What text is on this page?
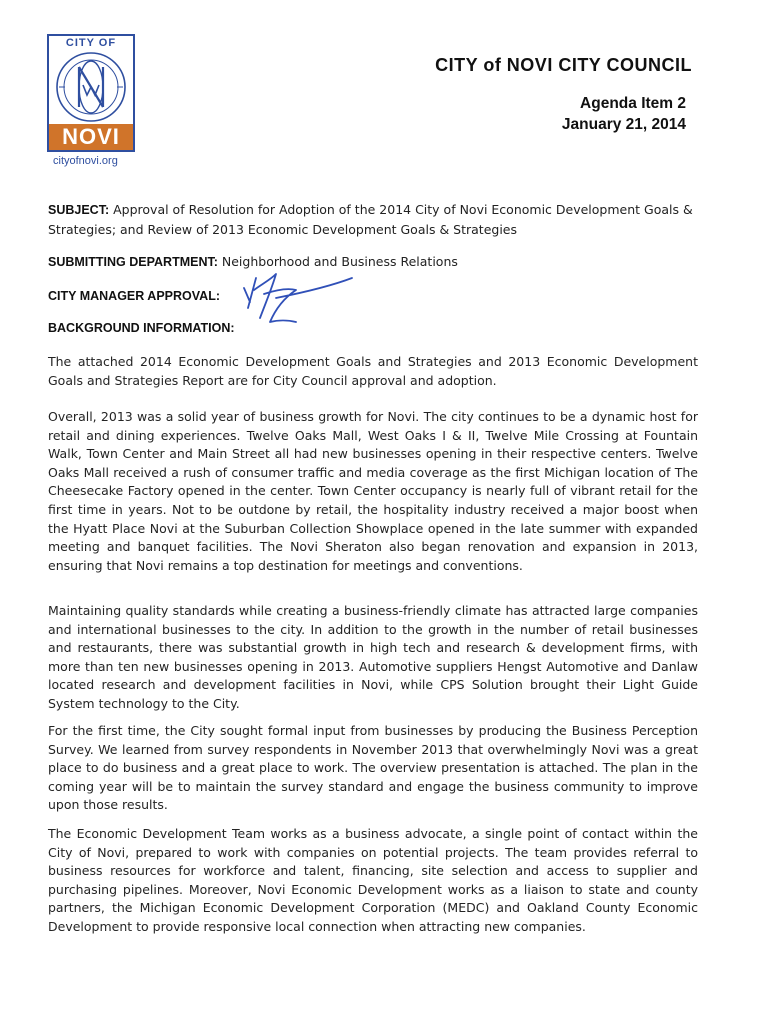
CITY OF
NOVI
cityofnovi.org
CITY of NOVI CITY COUNCIL
Agenda Item 2
January 21, 2014
SUBJECT: Approval of Resolution for Adoption of the 2014 City of Novi Economic Development Goals & Strategies; and Review of 2013 Economic Development Goals & Strategies
SUBMITTING DEPARTMENT: Neighborhood and Business Relations
CITY MANAGER APPROVAL:
BACKGROUND INFORMATION:
The attached 2014 Economic Development Goals and Strategies and 2013 Economic Development Goals and Strategies Report are for City Council approval and adoption.
Overall, 2013 was a solid year of business growth for Novi. The city continues to be a dynamic host for retail and dining experiences. Twelve Oaks Mall, West Oaks I & II, Twelve Mile Crossing at Fountain Walk, Town Center and Main Street all had new businesses opening in their respective centers. Twelve Oaks Mall received a rush of consumer traffic and media coverage as the first Michigan location of The Cheesecake Factory opened in the center. Town Center occupancy is nearly full of vibrant retail for the first time in years. Not to be outdone by retail, the hospitality industry received a major boost when the Hyatt Place Novi at the Suburban Collection Showplace opened in the late summer with expanded meeting and banquet facilities. The Novi Sheraton also began renovation and expansion in 2013, ensuring that Novi remains a top destination for meetings and conventions.
Maintaining quality standards while creating a business-friendly climate has attracted large companies and international businesses to the city. In addition to the growth in the number of retail businesses and restaurants, there was substantial growth in high tech and research & development firms, with more than ten new businesses opening in 2013. Automotive suppliers Hengst Automotive and Danlaw located research and development facilities in Novi, while CPS Solution brought their Light Guide System technology to the City.
For the first time, the City sought formal input from businesses by producing the Business Perception Survey. We learned from survey respondents in November 2013 that overwhelmingly Novi was a great place to do business and a great place to work. The overview presentation is attached. The plan in the coming year will be to maintain the survey standard and engage the business community to improve upon those results.
The Economic Development Team works as a business advocate, a single point of contact within the City of Novi, prepared to work with companies on potential projects. The team provides referral to business resources for workforce and talent, financing, site selection and access to supplier and purchasing pipelines. Moreover, Novi Economic Development works as a liaison to state and county partners, the Michigan Economic Development Corporation (MEDC) and Oakland County Economic Development to provide responsive local connection when attracting new companies.
